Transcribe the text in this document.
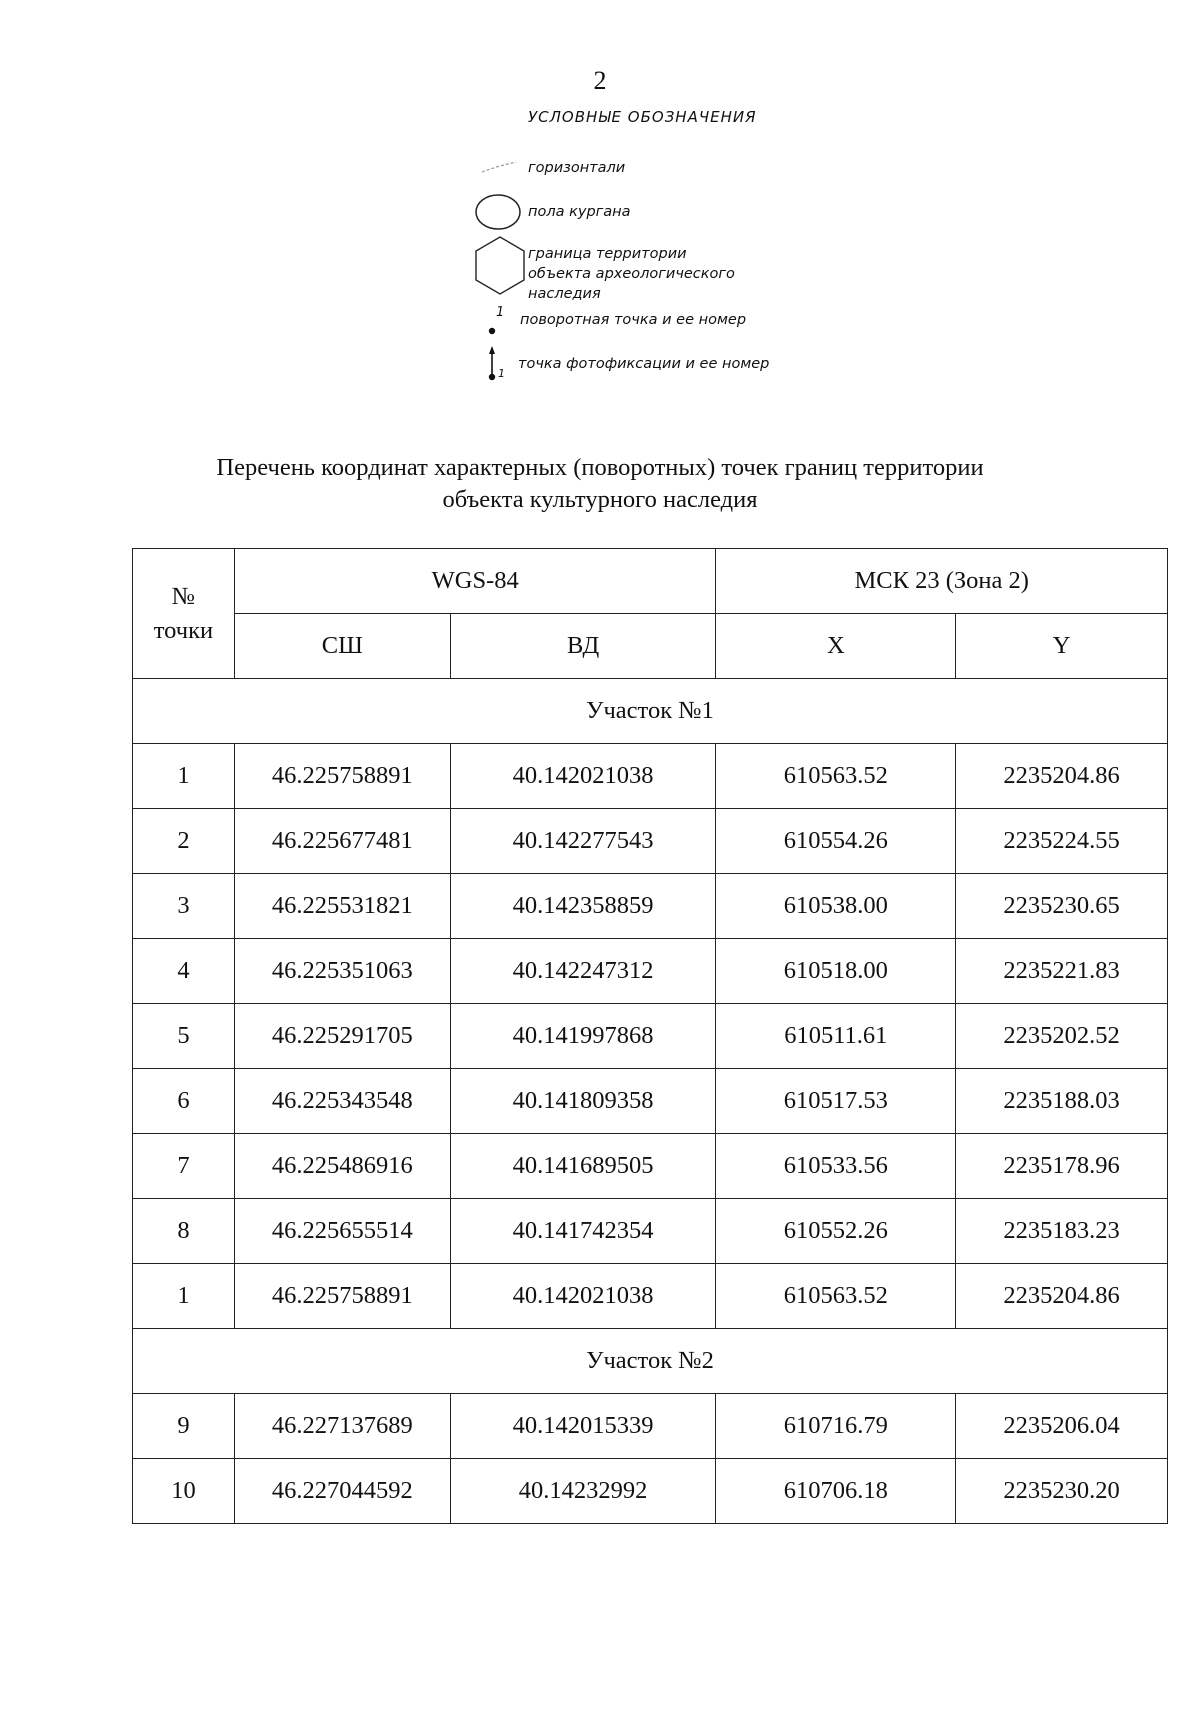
2
УСЛОВНЫЕ ОБОЗНАЧЕНИЯ
горизонтали
пола кургана
граница территории
объекта археологического
наследия
1 поворотная точка и ее номер
1
точка фотофиксации и ее номер
Перечень координат характерных (поворотных) точек границ территории
объекта культурного наследия
№
точки	WGS-84		МСК 23 (Зона 2)	
	СШ	ВД	X	Y
Участок №1				
1	46.225758891	40.142021038	610563.52	2235204.86
2	46.225677481	40.142277543	610554.26	2235224.55
3	46.225531821	40.142358859	610538.00	2235230.65
4	46.225351063	40.142247312	610518.00	2235221.83
5	46.225291705	40.141997868	610511.61	2235202.52
6	46.225343548	40.141809358	610517.53	2235188.03
7	46.225486916	40.141689505	610533.56	2235178.96
8	46.225655514	40.141742354	610552.26	2235183.23
1	46.225758891	40.142021038	610563.52	2235204.86
Участок №2				
9	46.227137689	40.142015339	610716.79	2235206.04
10	46.227044592	40.14232992	610706.18	2235230.20
